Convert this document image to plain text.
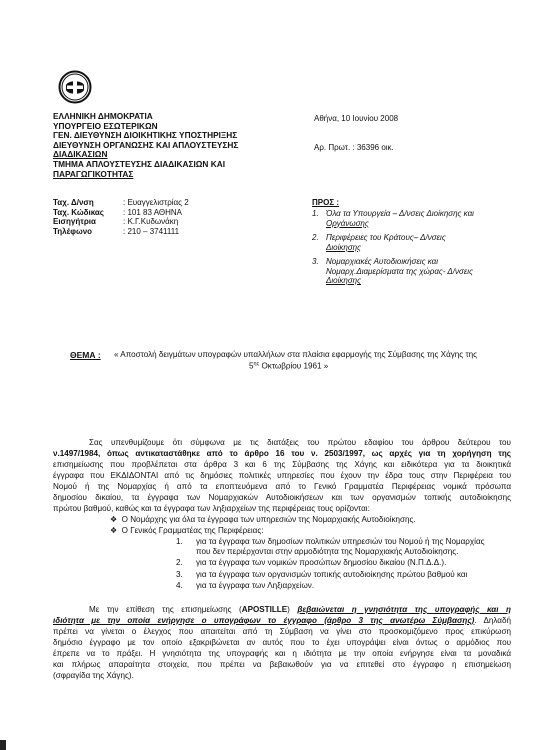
ΕΛΛΗΝΙΚΗ ΔΗΜΟΚΡΑΤΙΑ
ΥΠΟΥΡΓΕΙΟ ΕΣΩΤΕΡΙΚΩΝ
ΓΕΝ. ΔΙΕΥΘΥΝΣΗ ΔΙΟΙΚΗΤΙΚΗΣ ΥΠΟΣΤΗΡΙΞΗΣ
ΔΙΕΥΘΥΝΣΗ ΟΡΓΑΝΩΣΗΣ ΚΑΙ ΑΠΛΟΥΣΤΕΥΣΗΣ
ΔΙΑΔΙΚΑΣΙΩΝ
ΤΜΗΜΑ ΑΠΛΟΥΣΤΕΥΣΗΣ ΔΙΑΔΙΚΑΣΙΩΝ ΚΑΙ
ΠΑΡΑΓΩΓΙΚΟΤΗΤΑΣ
Αθήνα, 10 Ιουνίου 2008
Αρ. Πρωτ. : 36396 οικ.
Ταχ. Δ/νση	: Ευαγγελιστρίας 2
Ταχ. Κώδικας	: 101 83 ΑΘΗΝΑ
Εισηγήτρια	: Κ.Γ.Κυδωνάκη
Τηλέφωνο	: 210 – 3741111
ΠΡΟΣ :
1. Όλα τα Υπουργεία – Δ/νσεις Διοίκησης και
Οργάνωσης
2. Περιφέρειες του Κράτους– Δ/νσεις
Διοίκησης
3. Νομαρχιακές Αυτοδιοικήσεις και
Νομαρχ.Διαμερίσματα της χώρας- Δ/νσεις
Διοίκησης
ΘΕΜΑ : « Αποστολή δειγμάτων υπογραφών υπαλλήλων στα πλαίσια εφαρμογής της Σύμβασης της Χάγης της
$5^{\eta\varsigma}$ Οκτωβρίου 1961 »
Σας υπενθυμίζουμε ότι σύμφωνα με τις διατάξεις του πρώτου εδαφίου του άρθρου δεύτερου του
ν.1497/1984, όπως αντικαταστάθηκε από το άρθρο 16 του ν. 2503/1997, ως αρχές για τη χορήγηση της
επισημείωσης που προβλέπεται στα άρθρα 3 και 6 της Σύμβασης της Χάγης και ειδικότερα για τα διοικητικά
έγγραφα που ΕΚΔΙΔΟΝΤΑΙ από τις δημόσιες πολιτικές υπηρεσίες που έχουν την έδρα τους στην Περιφέρεια του
Νομού ή της Νομαρχίας ή από τα εποπτευόμενα από το Γενικό Γραμματέα Περιφέρειας νομικά πρόσωπα
δημοσίου δικαίου, τα έγγραφα των Νομαρχιακών Αυτοδιοικήσεων και των οργανισμών τοπικής αυτοδιοίκησης
πρώτου βαθμού, καθώς και τα έγγραφα των ληξιαρχείων της περιφέρειας τους ορίζονται:
❖ Ο Νομάρχης για όλα τα έγγραφα των υπηρεσιών της Νομαρχιακής Αυτοδιοίκησης.
❖ Ο Γενικός Γραμματέας της Περιφέρειας:
1.	για τα έγγραφα των δημοσίων πολιτικών υπηρεσιών του Νομού ή της Νομαρχίας
που δεν περιέρχονται στην αρμοδιότητα της Νομαρχιακής Αυτοδιοίκησης.
2.	για τα έγγραφα των νομικών προσώπων δημοσίου δικαίου (Ν.Π.Δ.Δ.).
3.	για τα έγγραφα των οργανισμών τοπικής αυτοδιοίκησης πρώτου βαθμού και
4.	για τα έγγραφα των Ληξιαρχείων.
Με την επίθεση της επισημείωσης (APOSTILLE) βεβαιώνεται η γνησιότητα της υπογραφής και η
ιδιότητα με την οποία ενήργησε ο υπογράφων το έγγραφο (άρθρο 3 της ανωτέρω Σύμβασης). Δηλαδή
πρέπει να γίνεται ο έλεγχος που απαιτείται από τη Σύμβαση να γίνει στο προσκομιζόμενο προς επικύρωση
δημόσιο έγγραφο με τον οποίο εξακριβώνεται αν αυτός που το έχει υπογράψει είναι όντως ο αρμόδιος που
έπρεπε να το πράξει. Η γνησιότητα της υπογραφής και η ιδιότητα με την οποία ενήργησε είναι τα μοναδικά
και πλήρως απαραίτητα στοιχεία, που πρέπει να βεβαιωθούν για να επιτεθεί στο έγγραφο η επισημείωση
(σφραγίδα της Χάγης).
